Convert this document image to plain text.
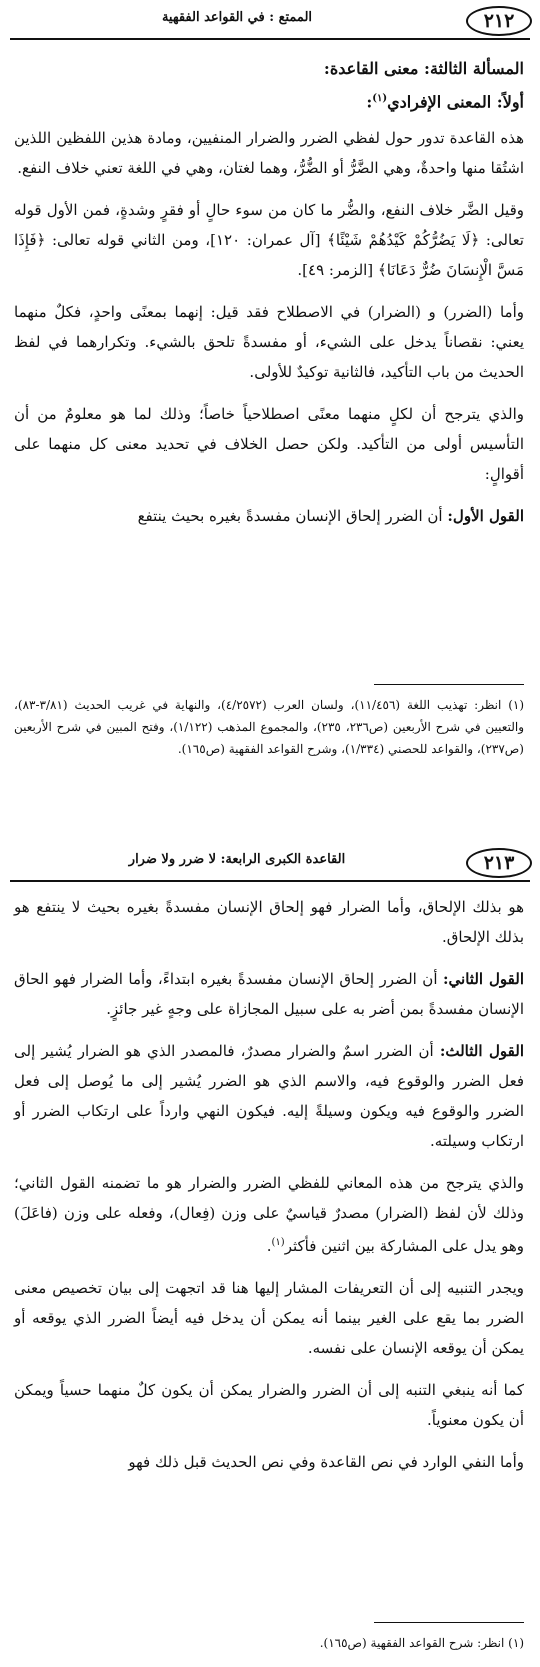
٢١٢
الممتع : في القواعد الفقهية
المسألة الثالثة: معنى القاعدة:
أولاً: المعنى الإفرادي$^{(١)}$:

هذه القاعدة تدور حول لفظي الضرر والضرار المنفيين، ومادة هذين اللفظين اللذين اشتُقا منها واحدةٌ، وهي الضَّرُّ أو الضُّرُّ، وهما لغتان، وهي في اللغة تعني خلاف النفع.

وقيل الضَّر خلاف النفع، والضُّر ما كان من سوء حالٍ أو فقرٍ وشدةٍ، فمن الأول قوله تعالى: ﴿لَا يَضُرُّكُمْ كَيْدُهُمْ شَيْئًا﴾ [آل عمران: ١٢٠]، ومن الثاني قوله تعالى: ﴿فَإِذَا مَسَّ الْإِنسَانَ ضُرٌّ دَعَانَا﴾ [الزمر: ٤٩].

وأما (الضرر) و (الضرار) في الاصطلاح فقد قيل: إنهما بمعنًى واحدٍ، فكلٌ منهما يعني: نقصاناً يدخل على الشيء، أو مفسدةً تلحق بالشيء. وتكرارهما في لفظ الحديث من باب التأكيد، فالثانية توكيدٌ للأولى.

والذي يترجح أن لكلٍ منهما معنًى اصطلاحياً خاصاً؛ وذلك لما هو معلومٌ من أن التأسيس أولى من التأكيد. ولكن حصل الخلاف في تحديد معنى كل منهما على أقوالٍ:

القول الأول: أن الضرر إلحاق الإنسان مفسدةً بغيره بحيث ينتفع

(١) انظر: تهذيب اللغة (١١/٤٥٦)، ولسان العرب (٤/٢٥٧٢)، والنهاية في غريب الحديث (٣/٨١-٨٣)، والتعيين في شرح الأربعين (ص٢٣٦، ٢٣٥)، والمجموع المذهب (١/١٢٢)، وفتح المبين في شرح الأربعين (ص٢٣٧)، والقواعد للحصني (١/٣٣٤)، وشرح القواعد الفقهية (ص١٦٥).
٢١٣
القاعدة الكبرى الرابعة: لا ضرر ولا ضرار

هو بذلك الإلحاق، وأما الضرار فهو إلحاق الإنسان مفسدةً بغيره بحيث لا ينتفع هو بذلك الإلحاق.

القول الثاني: أن الضرر إلحاق الإنسان مفسدةً بغيره ابتداءً، وأما الضرار فهو الحاق الإنسان مفسدةً بمن أضر به على سبيل المجازاة على وجهٍ غير جائزٍ.

القول الثالث: أن الضرر اسمٌ والضرار مصدرٌ، فالمصدر الذي هو الضرار يُشير إلى فعل الضرر والوقوع فيه، والاسم الذي هو الضرر يُشير إلى ما يُوصل إلى فعل الضرر والوقوع فيه ويكون وسيلةً إليه. فيكون النهي وارداً على ارتكاب الضرر أو ارتكاب وسيلته.

والذي يترجح من هذه المعاني للفظي الضرر والضرار هو ما تضمنه القول الثاني؛ وذلك لأن لفظ (الضرار) مصدرٌ قياسيٌ على وزن (فِعال)، وفعله على وزن (فاعَلَ) وهو يدل على المشاركة بين اثنين فأكثر$^{(١)}$.

ويجدر التنبيه إلى أن التعريفات المشار إليها هنا قد اتجهت إلى بيان تخصيص معنى الضرر بما يقع على الغير بينما أنه يمكن أن يدخل فيه أيضاً الضرر الذي يوقعه أو يمكن أن يوقعه الإنسان على نفسه.

كما أنه ينبغي التنبه إلى أن الضرر والضرار يمكن أن يكون كلٌ منهما حسياً ويمكن أن يكون معنوياً.

وأما النفي الوارد في نص القاعدة وفي نص الحديث قبل ذلك فهو

(١) انظر: شرح القواعد الفقهية (ص١٦٥).
